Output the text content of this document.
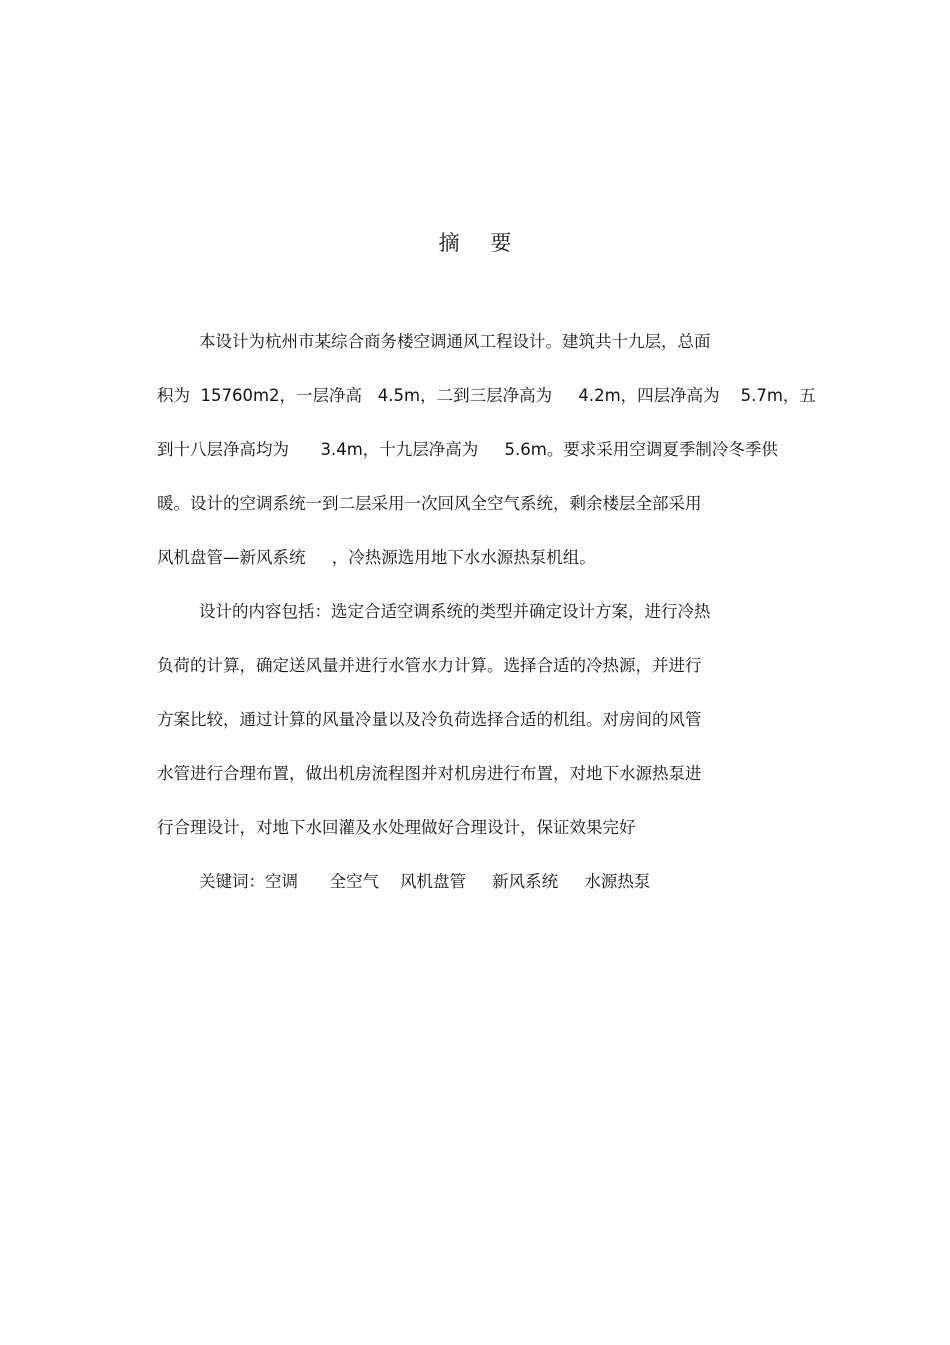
摘 要
本设计为杭州市某综合商务楼空调通风工程设计。建筑共十九层，总面
积为  15760m2，一层净高   4.5m，二到三层净高为     4.2m，四层净高为    5.7m，五
到十八层净高均为      3.4m，十九层净高为     5.6m。要求采用空调夏季制冷冬季供
暖。设计的空调系统一到二层采用一次回风全空气系统，剩余楼层全部采用
风机盘管—新风系统     ，冷热源选用地下水水源热泵机组。
设计的内容包括：选定合适空调系统的类型并确定设计方案，进行冷热
负荷的计算，确定送风量并进行水管水力计算。选择合适的冷热源，并进行
方案比较，通过计算的风量冷量以及冷负荷选择合适的机组。对房间的风管
水管进行合理布置，做出机房流程图并对机房进行布置，对地下水源热泵进
行合理设计，对地下水回灌及水处理做好合理设计，保证效果完好
关键词：空调      全空气    风机盘管     新风系统     水源热泵
